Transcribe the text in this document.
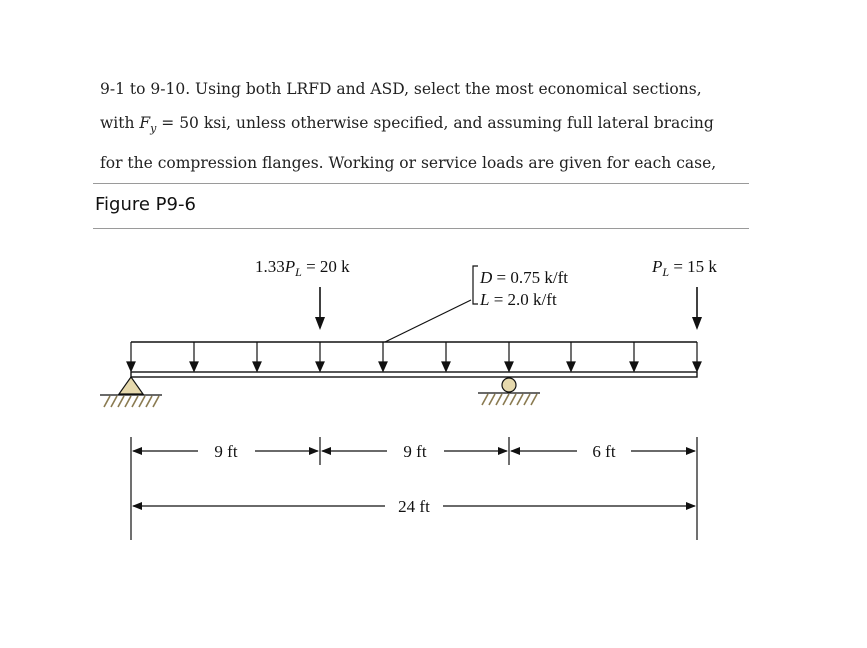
9-1 to 9-10. Using both LRFD and ASD, select the most economical sections,

with $F_y = 50$ ksi, unless otherwise specified, and assuming full lateral bracing

for the compression flanges. Working or service loads are given for each case,

Figure P9-6
$1.33P_L = 20$ k	$P_L = 15$ k
D = 0.75 k/ft
L = 2.0 k/ft
9 ft	9 ft	6 ft
24 ft
